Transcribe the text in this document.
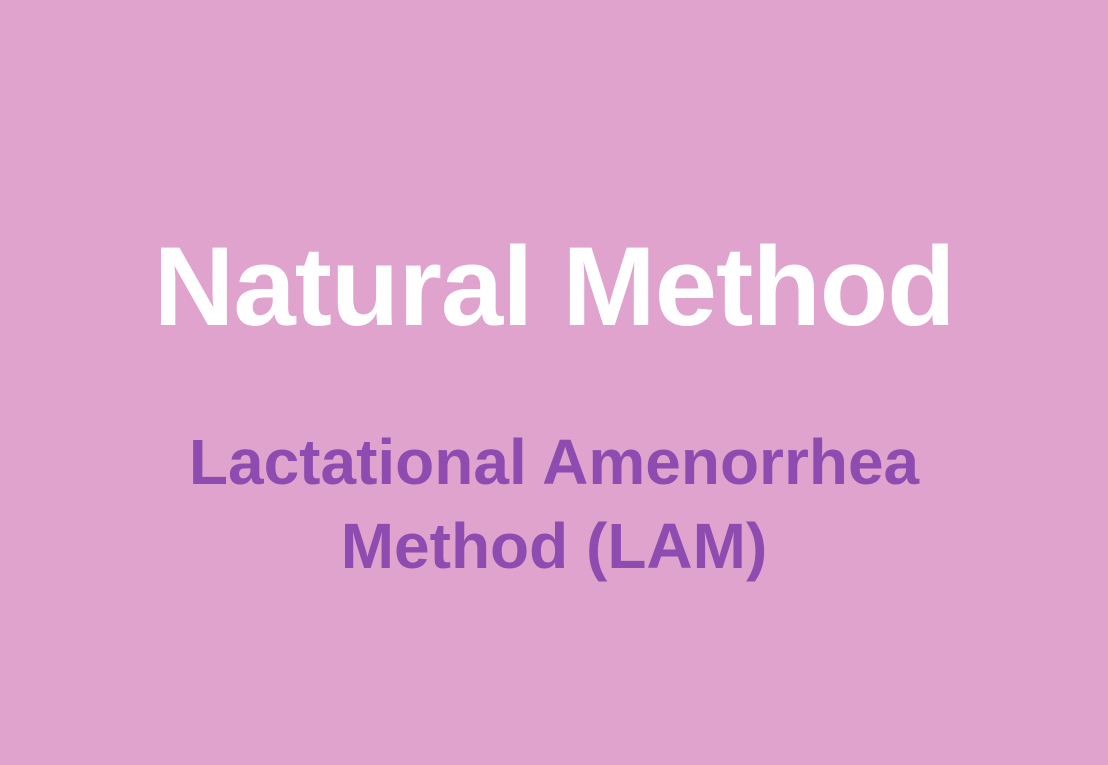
Natural Method
Lactational Amenorrhea
Method (LAM)
